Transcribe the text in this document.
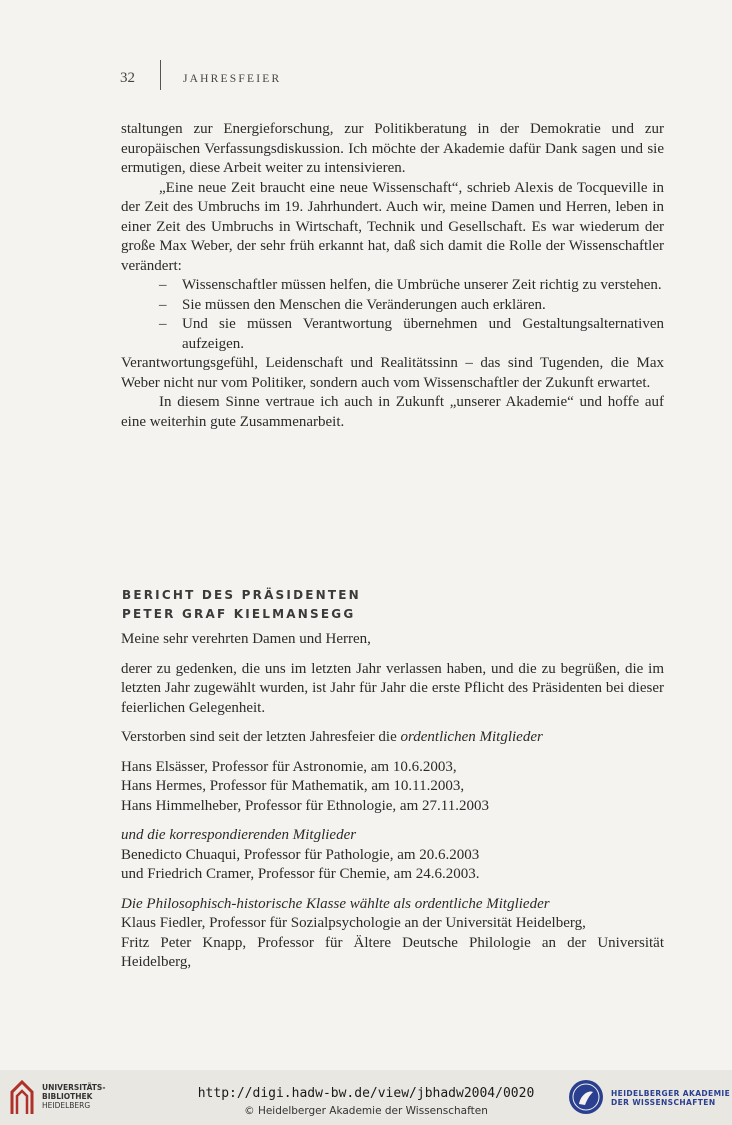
32	JAHRESFEIER

staltungen zur Energieforschung, zur Politikberatung in der Demokratie und zur europäischen Verfassungsdiskussion. Ich möchte der Akademie dafür Dank sagen und sie ermutigen, diese Arbeit weiter zu intensivieren.

„Eine neue Zeit braucht eine neue Wissenschaft“, schrieb Alexis de Tocqueville in der Zeit des Umbruchs im 19. Jahrhundert. Auch wir, meine Damen und Herren, leben in einer Zeit des Umbruchs in Wirtschaft, Technik und Gesellschaft. Es war wiederum der große Max Weber, der sehr früh erkannt hat, daß sich damit die Rolle der Wissenschaftler verändert:

– Wissenschaftler müssen helfen, die Umbrüche unserer Zeit richtig zu verstehen.
– Sie müssen den Menschen die Veränderungen auch erklären.
– Und sie müssen Verantwortung übernehmen und Gestaltungsalternativen aufzeigen.

Verantwortungsgefühl, Leidenschaft und Realitätssinn – das sind Tugenden, die Max Weber nicht nur vom Politiker, sondern auch vom Wissenschaftler der Zukunft erwartet.

In diesem Sinne vertraue ich auch in Zukunft „unserer Akademie“ und hoffe auf eine weiterhin gute Zusammenarbeit.

BERICHT DES PRÄSIDENTEN
PETER GRAF KIELMANSEGG

Meine sehr verehrten Damen und Herren,

derer zu gedenken, die uns im letzten Jahr verlassen haben, und die zu begrüßen, die im letzten Jahr zugewählt wurden, ist Jahr für Jahr die erste Pflicht des Präsidenten bei dieser feierlichen Gelegenheit.

Verstorben sind seit der letzten Jahresfeier die ordentlichen Mitglieder

Hans Elsässer, Professor für Astronomie, am 10.6.2003,

Hans Hermes, Professor für Mathematik, am 10.11.2003,

Hans Himmelheber, Professor für Ethnologie, am 27.11.2003

und die korrespondierenden Mitglieder

Benedicto Chuaqui, Professor für Pathologie, am 20.6.2003

und Friedrich Cramer, Professor für Chemie, am 24.6.2003.

Die Philosophisch-historische Klasse wählte als ordentliche Mitglieder

Klaus Fiedler, Professor für Sozialpsychologie an der Universität Heidelberg,

Fritz Peter Knapp, Professor für Ältere Deutsche Philologie an der Universität Heidelberg,

UNIVERSITÄTS-
BIBLIOTHEK
HEIDELBERG
http://digi.hadw-bw.de/view/jbhadw2004/0020
© Heidelberger Akademie der Wissenschaften
HEIDELBERGER AKADEMIE
DER WISSENSCHAFTEN
